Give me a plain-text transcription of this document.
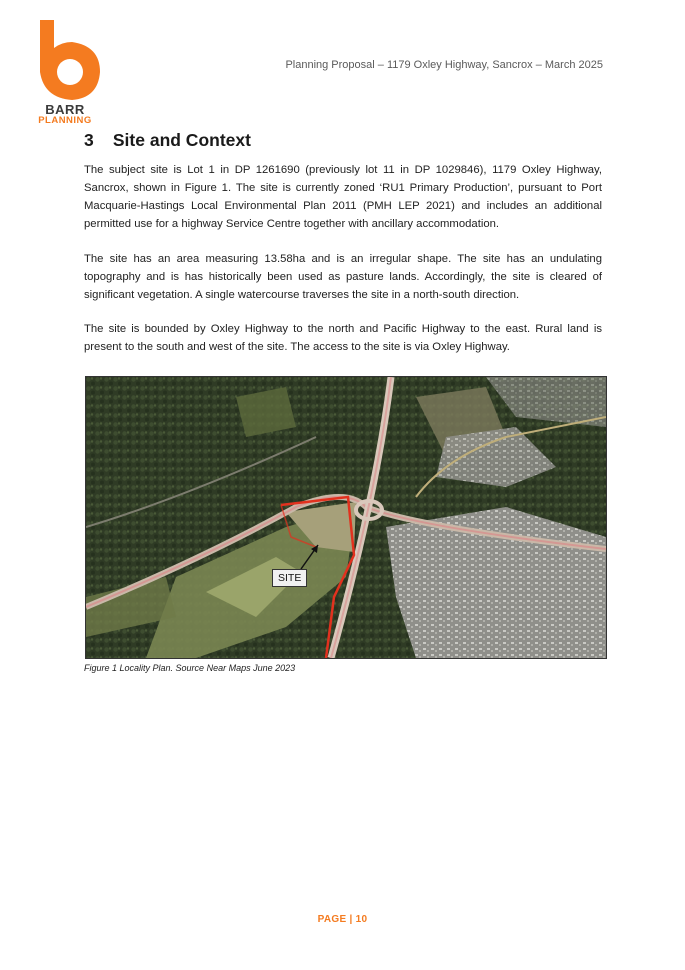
BARR
PLANNING
Planning Proposal – 1179 Oxley Highway, Sancrox – March 2025
3 Site and Context

The subject site is Lot 1 in DP 1261690 (previously lot 11 in DP 1029846), 1179 Oxley Highway, Sancrox, shown in Figure 1. The site is currently zoned ‘RU1 Primary Production’, pursuant to Port Macquarie-Hastings Local Environmental Plan 2011 (PMH LEP 2021) and includes an additional permitted use for a highway Service Centre together with ancillary accommodation.

The site has an area measuring 13.58ha and is an irregular shape. The site has an undulating topography and is has historically been used as pasture lands. Accordingly, the site is cleared of significant vegetation. A single watercourse traverses the site in a north-south direction.

The site is bounded by Oxley Highway to the north and Pacific Highway to the east. Rural land is present to the south and west of the site. The access to the site is via Oxley Highway.

SITE
Figure 1 Locality Plan. Source Near Maps June 2023
PAGE | 10
